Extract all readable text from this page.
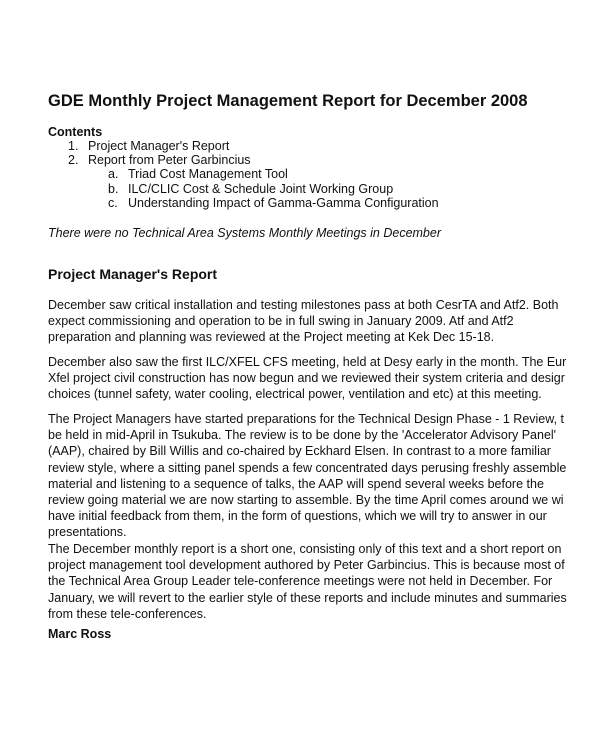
GDE Monthly Project Management Report for December 2008
Contents
1. Project Manager's Report
2. Report from Peter Garbincius
a. Triad Cost Management Tool
b. ILC/CLIC Cost & Schedule Joint Working Group
c. Understanding Impact of Gamma-Gamma Configuration
There were no Technical Area Systems Monthly Meetings in December
Project Manager's Report
December saw critical installation and testing milestones pass at both CesrTA and Atf2. Both
expect commissioning and operation to be in full swing in January 2009. Atf and Atf2
preparation and planning was reviewed at the Project meeting at Kek Dec 15-18.
December also saw the first ILC/XFEL CFS meeting, held at Desy early in the month. The Eur
Xfel project civil construction has now begun and we reviewed their system criteria and desigr
choices (tunnel safety, water cooling, electrical power, ventilation and etc) at this meeting.
The Project Managers have started preparations for the Technical Design Phase - 1 Review, t
be held in mid-April in Tsukuba. The review is to be done by the 'Accelerator Advisory Panel'
(AAP), chaired by Bill Willis and co-chaired by Eckhard Elsen. In contrast to a more familiar
review style, where a sitting panel spends a few concentrated days perusing freshly assemble
material and listening to a sequence of talks, the AAP will spend several weeks before the
review going material we are now starting to assemble. By the time April comes around we wi
have initial feedback from them, in the form of questions, which we will try to answer in our
presentations.
The December monthly report is a short one, consisting only of this text and a short report on
project management tool development authored by Peter Garbincius. This is because most of
the Technical Area Group Leader tele-conference meetings were not held in December. For
January, we will revert to the earlier style of these reports and include minutes and summaries
from these tele-conferences.
Marc Ross
